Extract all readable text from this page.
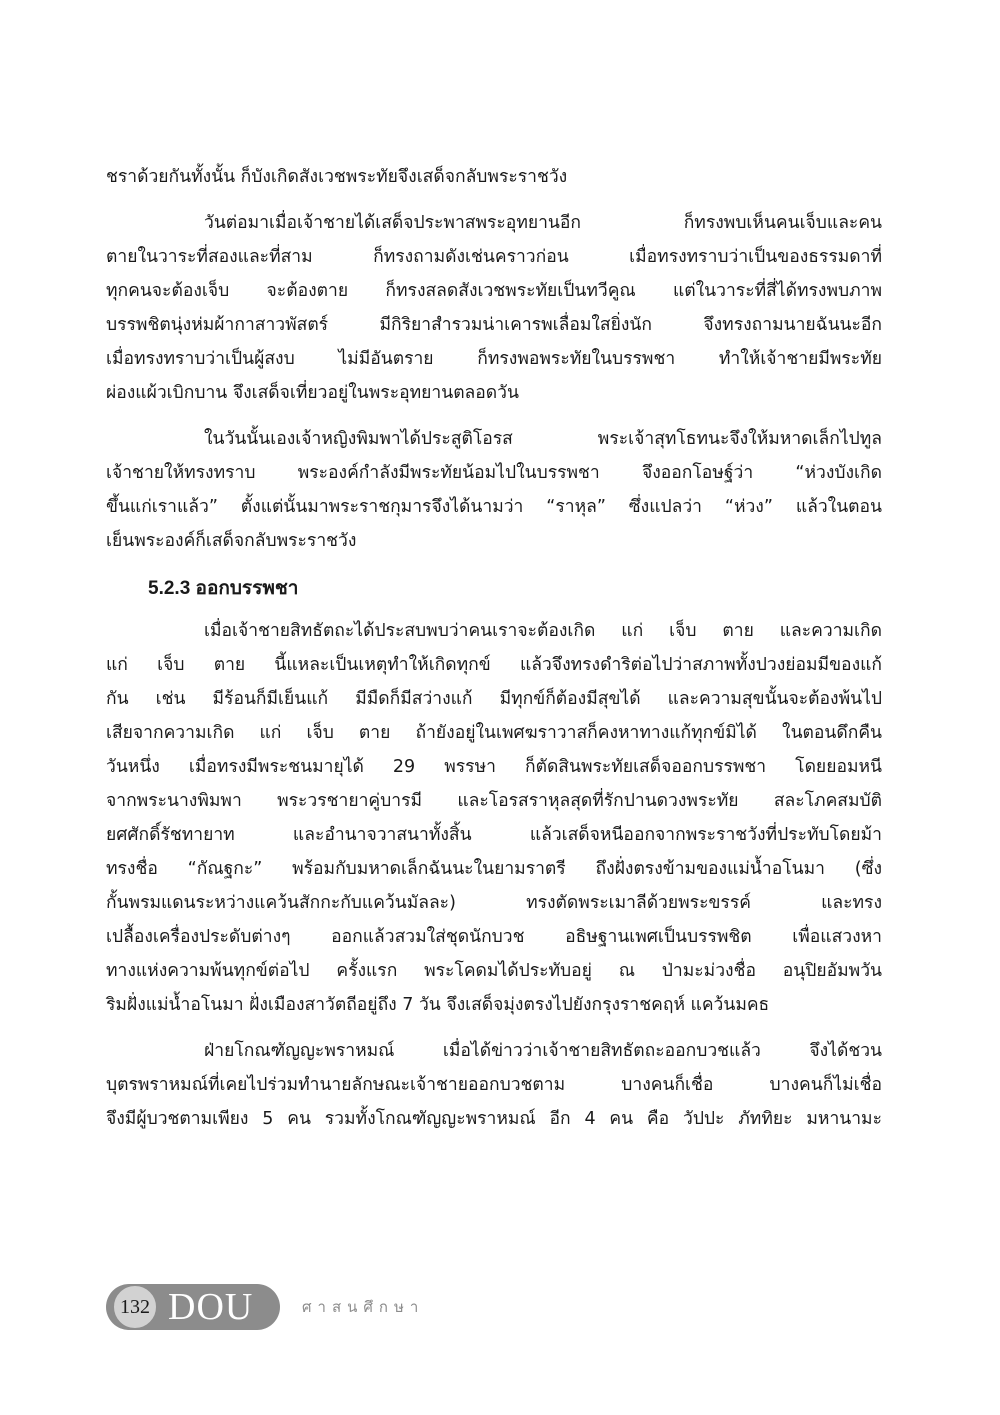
ชราด้วยกันทั้งนั้น ก็บังเกิดสังเวชพระทัยจึงเสด็จกลับพระราชวัง
วันต่อมาเมื่อเจ้าชายได้เสด็จประพาสพระอุทยานอีก ก็ทรงพบเห็นคนเจ็บและคน
ตายในวาระที่สองและที่สาม ก็ทรงถามดังเช่นคราวก่อน เมื่อทรงทราบว่าเป็นของธรรมดาที่
ทุกคนจะต้องเจ็บ จะต้องตาย ก็ทรงสลดสังเวชพระทัยเป็นทวีคูณ แต่ในวาระที่สี่ได้ทรงพบภาพ
บรรพชิตนุ่งห่มผ้ากาสาวพัสตร์ มีกิริยาสำรวมน่าเคารพเลื่อมใสยิ่งนัก จึงทรงถามนายฉันนะอีก
เมื่อทรงทราบว่าเป็นผู้สงบ ไม่มีอันตราย ก็ทรงพอพระทัยในบรรพชา ทำให้เจ้าชายมีพระทัย
ผ่องแผ้วเบิกบาน จึงเสด็จเที่ยวอยู่ในพระอุทยานตลอดวัน
ในวันนั้นเองเจ้าหญิงพิมพาได้ประสูติโอรส พระเจ้าสุทโธทนะจึงให้มหาดเล็กไปทูล
เจ้าชายให้ทรงทราบ พระองค์กำลังมีพระทัยน้อมไปในบรรพชา จึงออกโอษฐ์ว่า “ห่วงบังเกิด
ขึ้นแก่เราแล้ว” ตั้งแต่นั้นมาพระราชกุมารจึงได้นามว่า “ราหุล” ซึ่งแปลว่า “ห่วง” แล้วในตอน
เย็นพระองค์ก็เสด็จกลับพระราชวัง
5.2.3 ออกบรรพชา
เมื่อเจ้าชายสิทธัตถะได้ประสบพบว่าคนเราจะต้องเกิด แก่ เจ็บ ตาย และความเกิด
แก่ เจ็บ ตาย นี้แหละเป็นเหตุทำให้เกิดทุกข์ แล้วจึงทรงดำริต่อไปว่าสภาพทั้งปวงย่อมมีของแก้
กัน เช่น มีร้อนก็มีเย็นแก้ มีมืดก็มีสว่างแก้ มีทุกข์ก็ต้องมีสุขได้ และความสุขนั้นจะต้องพ้นไป
เสียจากความเกิด แก่ เจ็บ ตาย ถ้ายังอยู่ในเพศฆราวาสก็คงหาทางแก้ทุกข์มิได้ ในตอนดึกคืน
วันหนึ่ง เมื่อทรงมีพระชนมายุได้ 29 พรรษา ก็ตัดสินพระทัยเสด็จออกบรรพชา โดยยอมหนี
จากพระนางพิมพา พระวรชายาคู่บารมี และโอรสราหุลสุดที่รักปานดวงพระทัย สละโภคสมบัติ
ยศศักดิ์รัชทายาท และอำนาจวาสนาทั้งสิ้น แล้วเสด็จหนีออกจากพระราชวังที่ประทับโดยม้า
ทรงชื่อ “กัณฐกะ” พร้อมกับมหาดเล็กฉันนะในยามราตรี ถึงฝั่งตรงข้ามของแม่น้ำอโนมา (ซึ่ง
กั้นพรมแดนระหว่างแคว้นสักกะกับแคว้นมัลละ) ทรงตัดพระเมาลีด้วยพระขรรค์ และทรง
เปลื้องเครื่องประดับต่างๆ ออกแล้วสวมใส่ชุดนักบวช อธิษฐานเพศเป็นบรรพชิต เพื่อแสวงหา
ทางแห่งความพ้นทุกข์ต่อไป ครั้งแรก พระโคดมได้ประทับอยู่ ณ ป่ามะม่วงชื่อ อนุปิยอัมพวัน
ริมฝั่งแม่น้ำอโนมา ฝั่งเมืองสาวัตถีอยู่ถึง 7 วัน จึงเสด็จมุ่งตรงไปยังกรุงราชคฤห์ แคว้นมคธ
ฝ่ายโกณฑัญญะพราหมณ์ เมื่อได้ข่าวว่าเจ้าชายสิทธัตถะออกบวชแล้ว จึงได้ชวน
บุตรพราหมณ์ที่เคยไปร่วมทำนายลักษณะเจ้าชายออกบวชตาม บางคนก็เชื่อ บางคนก็ไม่เชื่อ
จึงมีผู้บวชตามเพียง 5 คน รวมทั้งโกณฑัญญะพราหมณ์ อีก 4 คน คือ วัปปะ ภัททิยะ มหานามะ
132 DOU	ศาสนศึกษา
